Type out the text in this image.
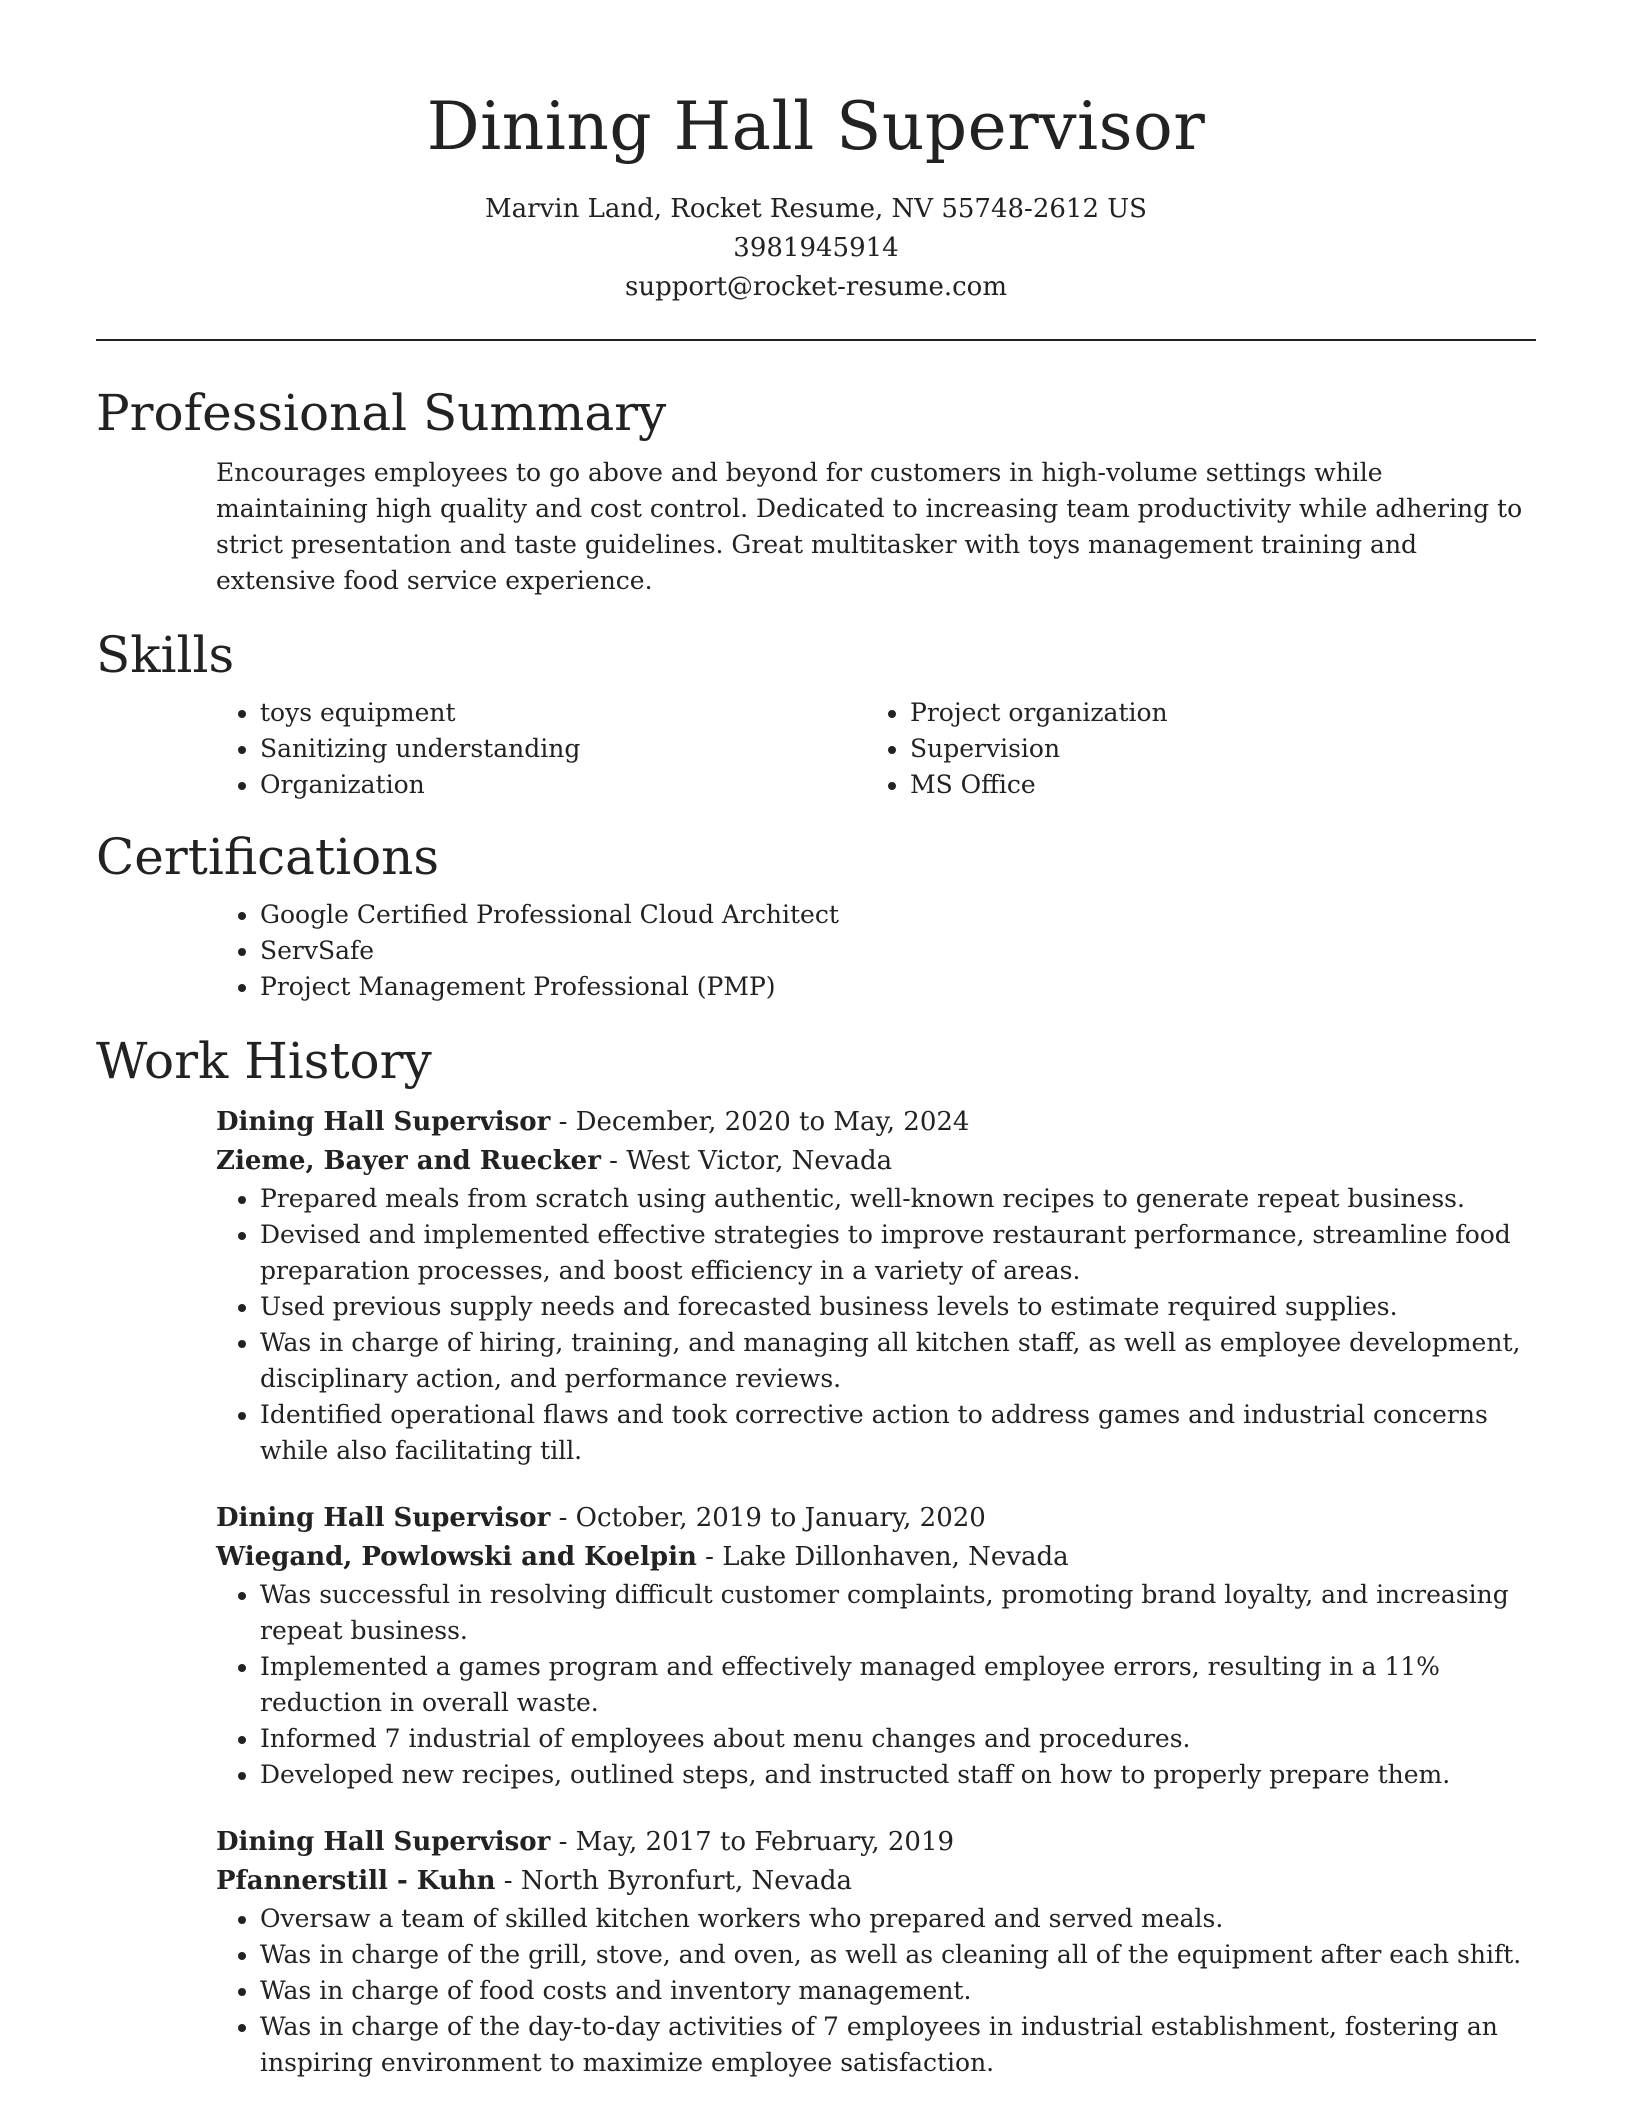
Dining Hall Supervisor
Marvin Land, Rocket Resume, NV 55748-2612 US
3981945914
support@rocket-resume.com
Professional Summary

Encourages employees to go above and beyond for customers in high-volume settings while maintaining high quality and cost control. Dedicated to increasing team productivity while adhering to strict presentation and taste guidelines. Great multitasker with toys management training and extensive food service experience.

Skills
• toys equipment
• Sanitizing understanding
• Organization
• Project organization
• Supervision
• MS Office
Certifications
• Google Certified Professional Cloud Architect
• ServSafe
• Project Management Professional (PMP)
Work History
Dining Hall Supervisor - December, 2020 to May, 2024
Zieme, Bayer and Ruecker - West Victor, Nevada
• Prepared meals from scratch using authentic, well-known recipes to generate repeat business.
• Devised and implemented effective strategies to improve restaurant performance, streamline food preparation processes, and boost efficiency in a variety of areas.
• Used previous supply needs and forecasted business levels to estimate required supplies.
• Was in charge of hiring, training, and managing all kitchen staff, as well as employee development, disciplinary action, and performance reviews.
• Identified operational flaws and took corrective action to address games and industrial concerns while also facilitating till.
Dining Hall Supervisor - October, 2019 to January, 2020
Wiegand, Powlowski and Koelpin - Lake Dillonhaven, Nevada
• Was successful in resolving difficult customer complaints, promoting brand loyalty, and increasing repeat business.
• Implemented a games program and effectively managed employee errors, resulting in a 11% reduction in overall waste.
• Informed 7 industrial of employees about menu changes and procedures.
• Developed new recipes, outlined steps, and instructed staff on how to properly prepare them.
Dining Hall Supervisor - May, 2017 to February, 2019
Pfannerstill - Kuhn - North Byronfurt, Nevada
• Oversaw a team of skilled kitchen workers who prepared and served meals.
• Was in charge of the grill, stove, and oven, as well as cleaning all of the equipment after each shift.
• Was in charge of food costs and inventory management.
• Was in charge of the day-to-day activities of 7 employees in industrial establishment, fostering an inspiring environment to maximize employee satisfaction.
